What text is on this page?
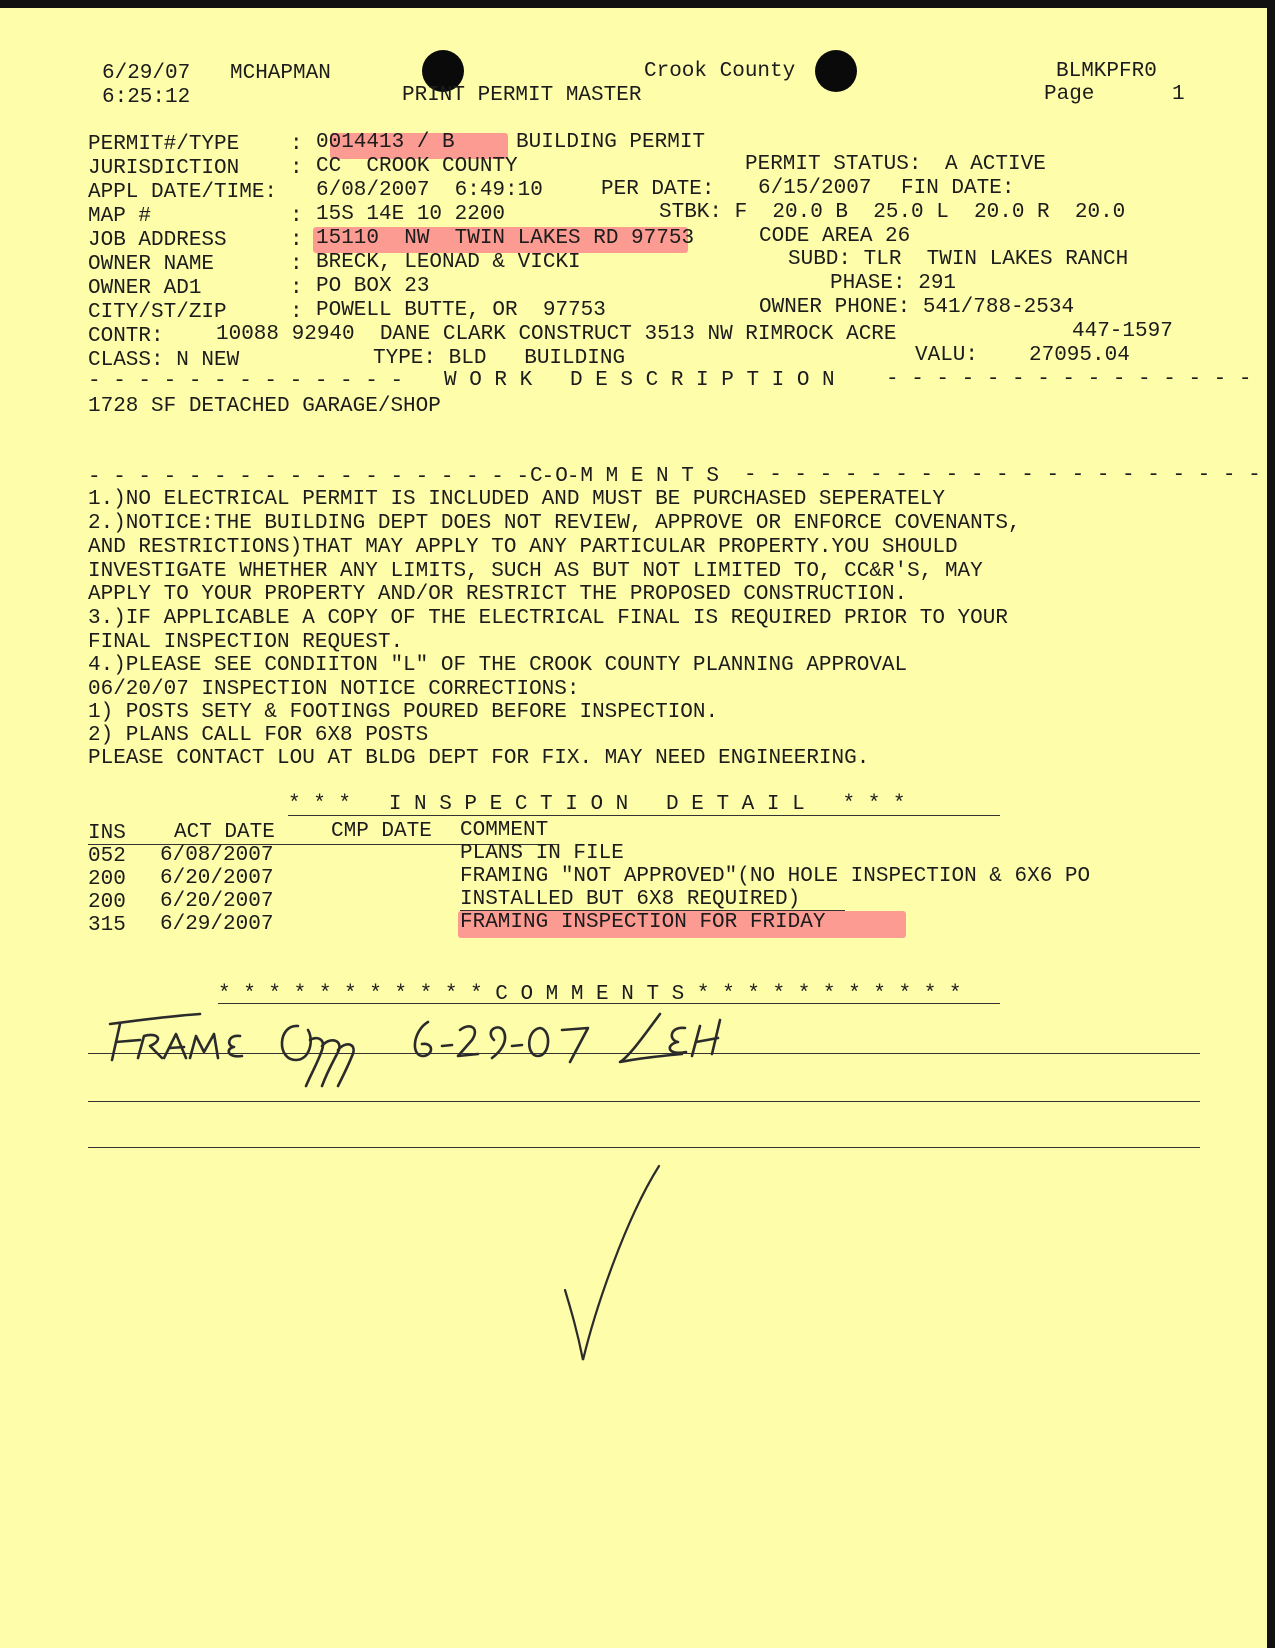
6/29/07 MCHAPMAN
6:25:12
Crook County
PRINT PERMIT MASTER
BLMKPFR0
Page	1
PERMIT#/TYPE : 0014413 / B	BUILDING PERMIT
JURISDICTION : CC  CROOK COUNTY	PERMIT STATUS: A ACTIVE
APPL DATE/TIME: 6/08/2007  6:49:10	PER DATE: 6/15/2007 FIN DATE:
MAP #	: 15S 14E 10 2200	STBK: F  20.0 B  25.0 L  20.0 R  20.0
JOB ADDRESS	: 15110  NW  TWIN LAKES RD 97753	CODE AREA 26
OWNER NAME	: BRECK, LEONAD & VICKI	SUBD: TLR  TWIN LAKES RANCH
OWNER AD1	: PO BOX 23	PHASE: 291
CITY/ST/ZIP	: POWELL BUTTE, OR  97753	OWNER PHONE: 541/788-2534
CONTR: 10088 92940  DANE CLARK CONSTRUCT 3513 NW RIMROCK ACRE	447-1597
CLASS: N NEW	TYPE: BLD   BUILDING	VALU: 27095.04
- - - - - - - - - - - - - W O R K   D E S C R I P T I O N - - - - - - - - - - - - - - -
1728 SF DETACHED GARAGE/SHOP
- - - - - - - - - - - - - - - - - - - -
C O M M E N T S - - - - - - - - - - - - - - - - - - - - -
1.)NO ELECTRICAL PERMIT IS INCLUDED AND MUST BE PURCHASED SEPERATELY
2.)NOTICE:THE BUILDING DEPT DOES NOT REVIEW, APPROVE OR ENFORCE COVENANTS,
AND RESTRICTIONS)THAT MAY APPLY TO ANY PARTICULAR PROPERTY.YOU SHOULD
INVESTIGATE WHETHER ANY LIMITS, SUCH AS BUT NOT LIMITED TO, CC&R'S, MAY
APPLY TO YOUR PROPERTY AND/OR RESTRICT THE PROPOSED CONSTRUCTION.
3.)IF APPLICABLE A COPY OF THE ELECTRICAL FINAL IS REQUIRED PRIOR TO YOUR
FINAL INSPECTION REQUEST.
4.)PLEASE SEE CONDIITON "L" OF THE CROOK COUNTY PLANNING APPROVAL
06/20/07 INSPECTION NOTICE CORRECTIONS:
1) POSTS SETY & FOOTINGS POURED BEFORE INSPECTION.
2) PLANS CALL FOR 6X8 POSTS
PLEASE CONTACT LOU AT BLDG DEPT FOR FIX. MAY NEED ENGINEERING.
* * *   I N S P E C T I O N   D E T A I L   * * *
INS ACT DATE	CMP DATE COMMENT
052 6/08/2007	PLANS IN FILE
200 6/20/2007	FRAMING "NOT APPROVED"(NO HOLE INSPECTION & 6X6 PO
200 6/20/2007	INSTALLED BUT 6X8 REQUIRED)
315 6/29/2007	FRAMING INSPECTION FOR FRIDAY
* * * * * * * * * * * C O M M E N T S * * * * * * * * * * *
